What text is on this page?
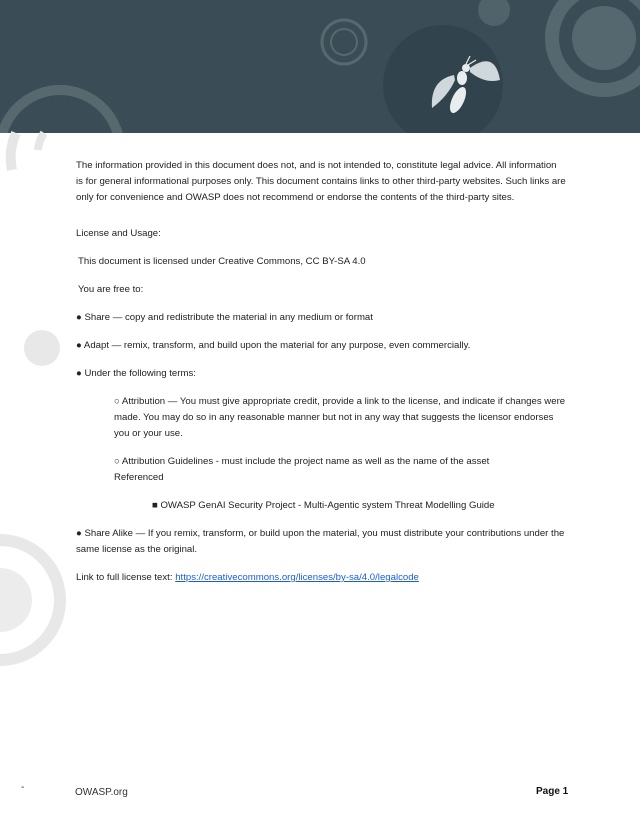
The information provided in this document does not, and is not intended to, constitute legal advice. All information is for general informational purposes only. This document contains links to other third-party websites. Such links are only for convenience and OWASP does not recommend or endorse the contents of the third-party sites.

License and Usage:

This document is licensed under Creative Commons, CC BY-SA 4.0

You are free to:

● Share — copy and redistribute the material in any medium or format

● Adapt — remix, transform, and build upon the material for any purpose, even commercially.

● Under the following terms:

○ Attribution — You must give appropriate credit, provide a link to the license, and indicate if changes were made. You may do so in any reasonable manner but not in any way that suggests the licensor endorses you or your use.

○ Attribution Guidelines - must include the project name as well as the name of the asset

Referenced

■ OWASP GenAI Security Project - Multi-Agentic system Threat Modelling Guide

● Share Alike — If you remix, transform, or build upon the material, you must distribute your contributions under the same license as the original.

Link to full license text: https://creativecommons.org/licenses/by-sa/4.0/legalcode

-	OWASP.org	Page 1
